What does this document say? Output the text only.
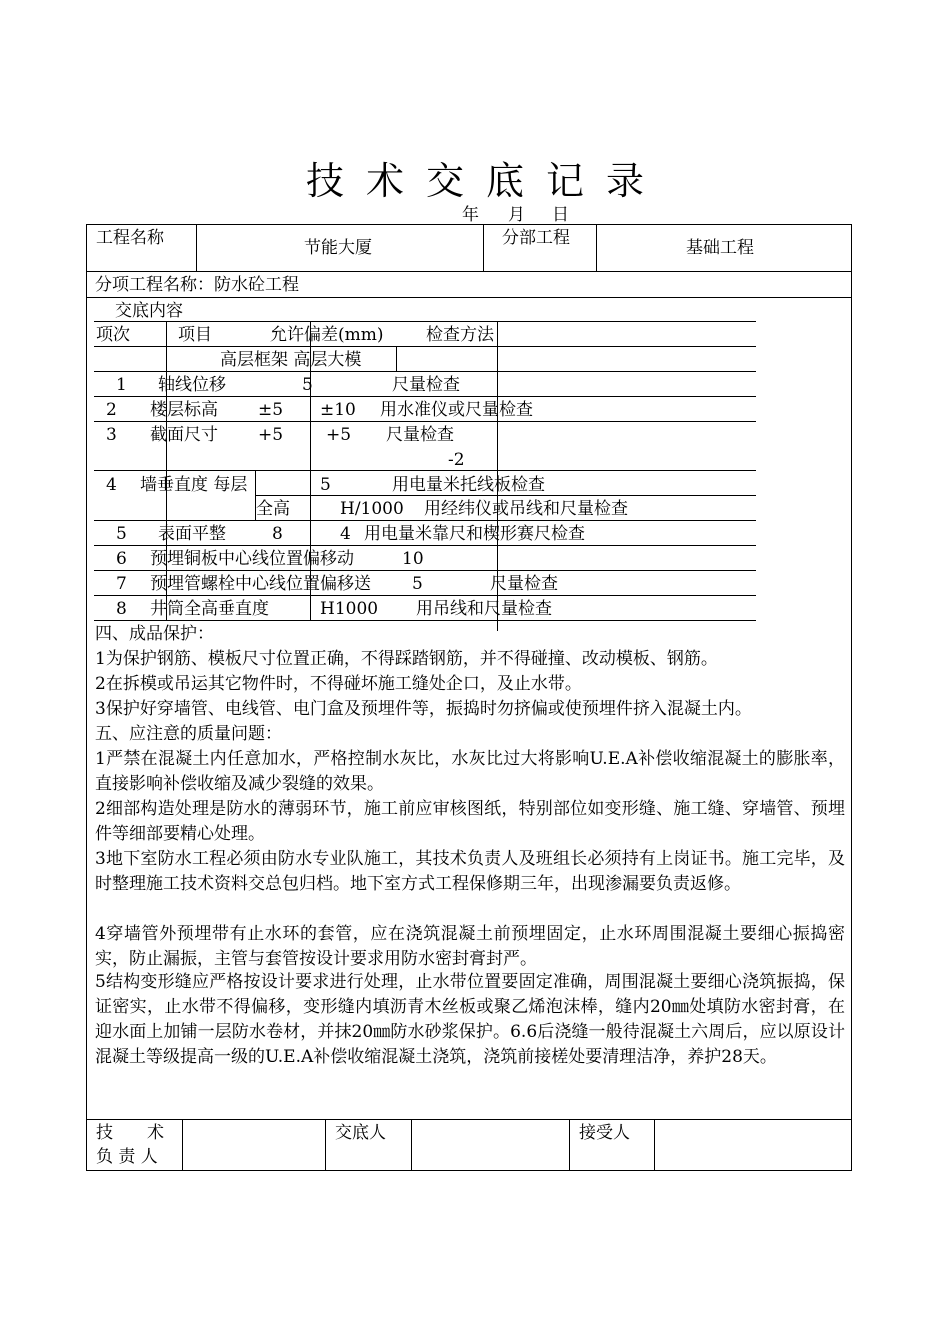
技术交底记录
年 月 日
工程名称	节能大厦	分部工程	基础工程
分项工程名称：防水砼工程
交底内容
项次	项目	允许偏差(mm) 检查方法
高层框架 高层大模
1 轴线位移	5	尺量检查
2 楼层标高 ±5 ±10 用水准仪或尺量检查
3 截面尺寸 +5	+5 尺量检查
-2
4 墙垂直度 每层	5	用电量米托线板检查
全高	H/1000 用经纬仪或吊线和尺量检查
5 表面平整	8	4 用电量米靠尺和楔形赛尺检查
6 预埋铜板中心线位置偏移动	10
7 预埋管螺栓中心线位置偏移送 5	尺量检查
8 井筒全高垂直度	H1000 用吊线和尺量检查
四、成品保护：
1为保护钢筋、模板尺寸位置正确，不得踩踏钢筋，并不得碰撞、改动模板、钢筋。
2在拆模或吊运其它物件时，不得碰坏施工缝处企口，及止水带。
3保护好穿墙管、电线管、电门盒及预埋件等，振捣时勿挤偏或使预埋件挤入混凝土内。
五、应注意的质量问题：
1严禁在混凝土内任意加水，严格控制水灰比，水灰比过大将影响U.E.A补偿收缩混凝土的膨胀率，直接影响补偿收缩及减少裂缝的效果。
2细部构造处理是防水的薄弱环节，施工前应审核图纸，特别部位如变形缝、施工缝、穿墙管、预埋件等细部要精心处理。
3地下室防水工程必须由防水专业队施工，其技术负责人及班组长必须持有上岗证书。施工完毕，及时整理施工技术资料交总包归档。地下室方式工程保修期三年，出现渗漏要负责返修。
4穿墙管外预埋带有止水环的套管，应在浇筑混凝土前预埋固定，止水环周围混凝土要细心振捣密实，防止漏振，主管与套管按设计要求用防水密封膏封严。
5结构变形缝应严格按设计要求进行处理，止水带位置要固定准确，周围混凝土要细心浇筑振捣，保证密实，止水带不得偏移，变形缝内填沥青木丝板或聚乙烯泡沫棒，缝内20㎜处填防水密封膏，在迎水面上加铺一层防水卷材，并抹20㎜防水砂浆保护。6.6后浇缝一般待混凝土六周后，应以原设计混凝土等级提高一级的U.E.A补偿收缩混凝土浇筑，浇筑前接槎处要清理洁净，养护28天。
技　　术
负 责 人
交底人	接受人
